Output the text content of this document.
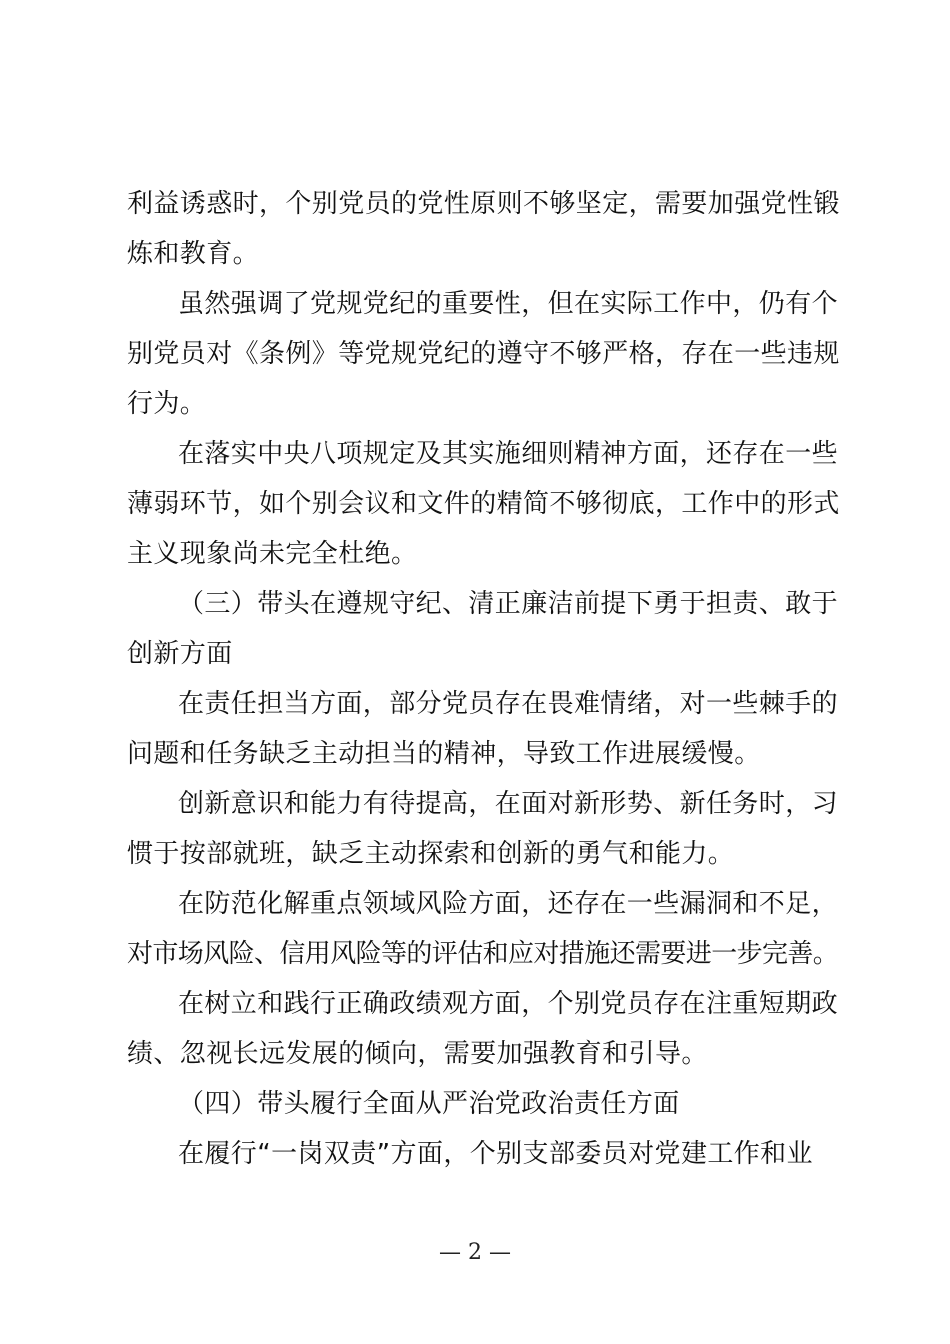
利益诱惑时，个别党员的党性原则不够坚定，需要加强党性锻
炼和教育。
虽然强调了党规党纪的重要性，但在实际工作中，仍有个
别党员对《条例》等党规党纪的遵守不够严格，存在一些违规
行为。
在落实中央八项规定及其实施细则精神方面，还存在一些
薄弱环节，如个别会议和文件的精简不够彻底，工作中的形式
主义现象尚未完全杜绝。
（三）带头在遵规守纪、清正廉洁前提下勇于担责、敢于
创新方面
在责任担当方面，部分党员存在畏难情绪，对一些棘手的
问题和任务缺乏主动担当的精神，导致工作进展缓慢。
创新意识和能力有待提高，在面对新形势、新任务时，习
惯于按部就班，缺乏主动探索和创新的勇气和能力。
在防范化解重点领域风险方面，还存在一些漏洞和不足，
对市场风险、信用风险等的评估和应对措施还需要进一步完善。
在树立和践行正确政绩观方面，个别党员存在注重短期政
绩、忽视长远发展的倾向，需要加强教育和引导。
（四）带头履行全面从严治党政治责任方面
在履行“一岗双责”方面，个别支部委员对党建工作和业
— 2 —
